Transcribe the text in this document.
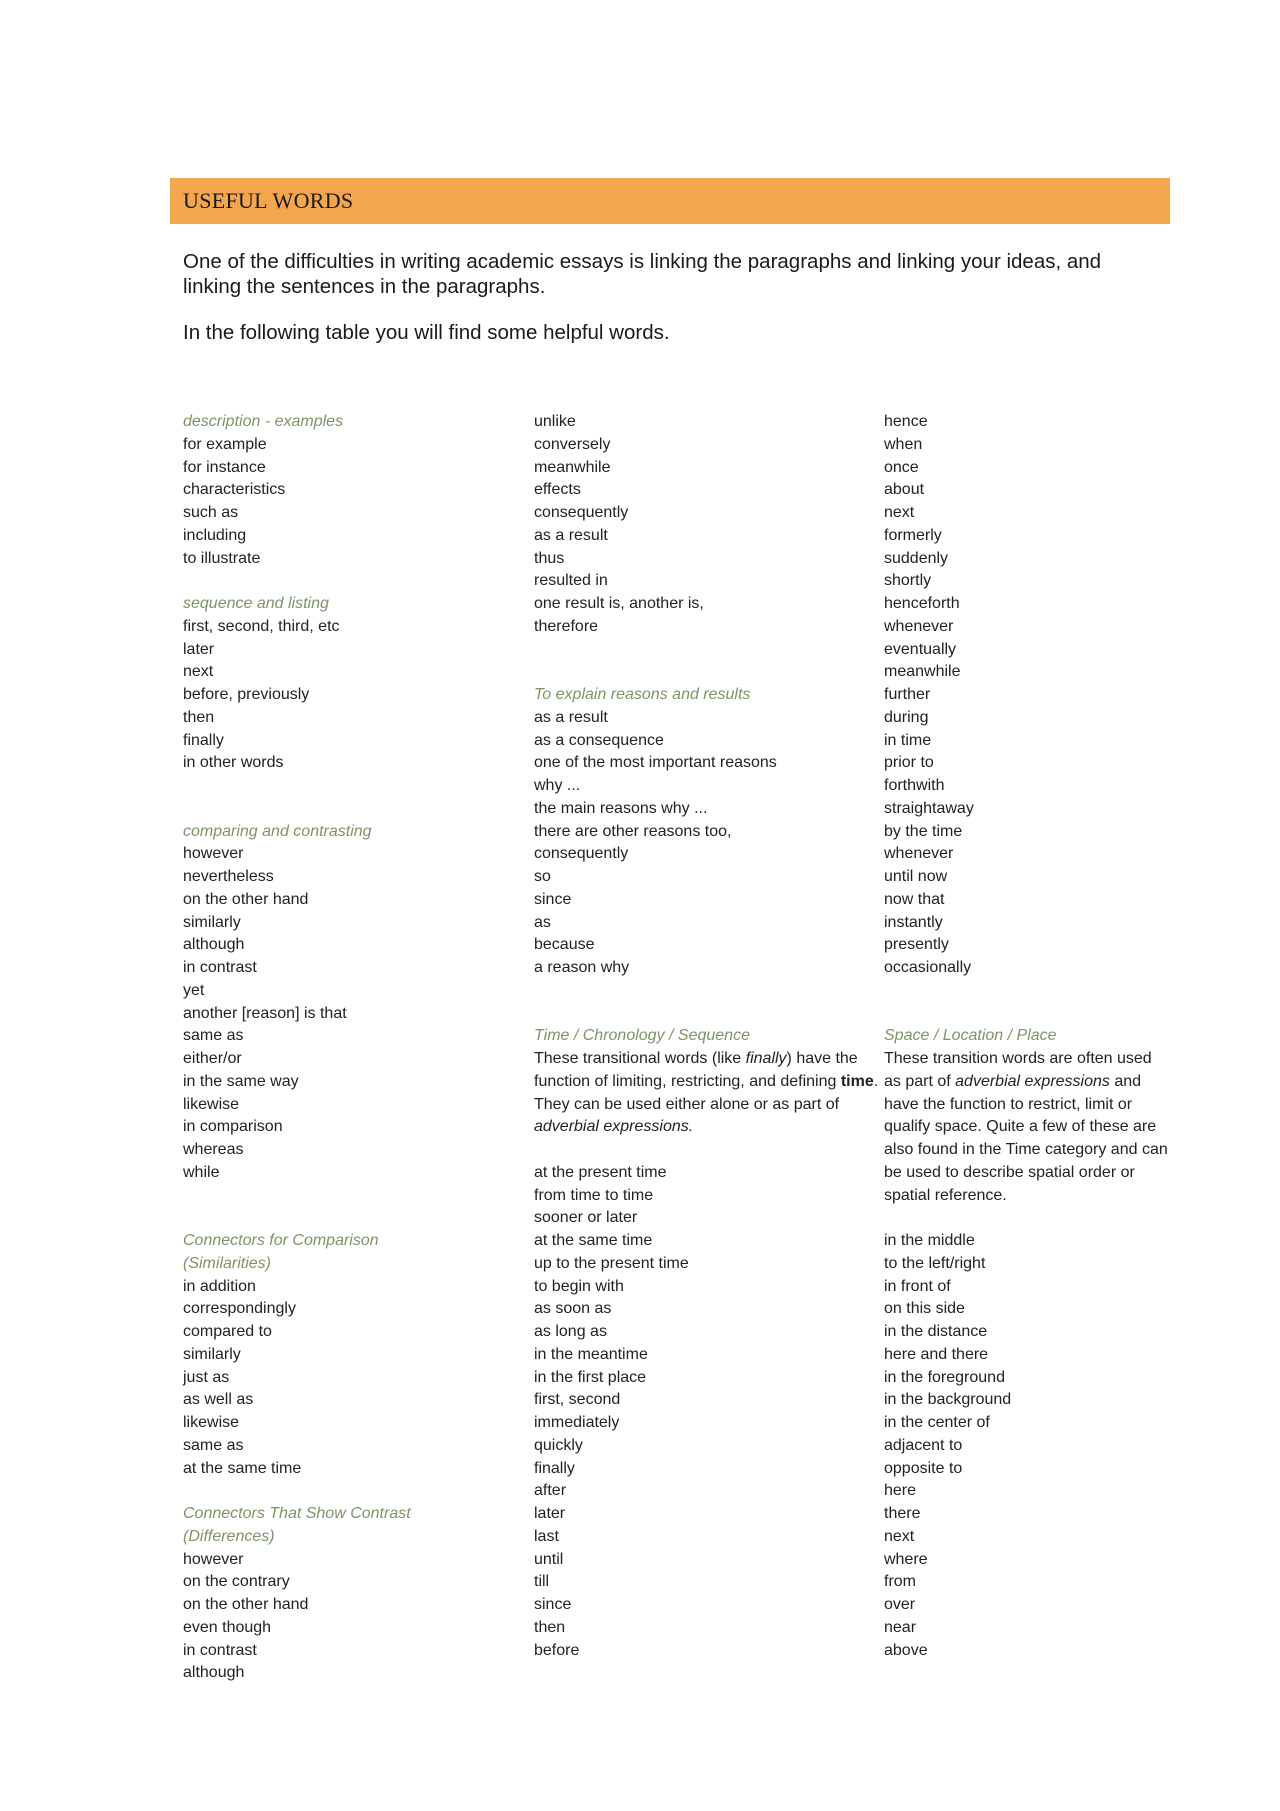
USEFUL WORDS

One of the difficulties in writing academic essays is linking the paragraphs and linking your ideas, and linking the sentences in the paragraphs.

In the following table you will find some helpful words.

description - examples
for example
for instance
characteristics
such as
including
to illustrate
sequence and listing
first, second, third, etc
later
next
before, previously
then
finally
in other words
comparing and contrasting
however
nevertheless
on the other hand
similarly
although
in contrast
yet
another [reason] is that
same as
either/or
in the same way
likewise
in comparison
whereas
while
Connectors for Comparison
(Similarities)
in addition
correspondingly
compared to
similarly
just as
as well as
likewise
same as
at the same time
Connectors That Show Contrast
(Differences)
however
on the contrary
on the other hand
even though
in contrast
although
unlike
conversely
meanwhile
effects
consequently
as a result
thus
resulted in
one result is, another is,
therefore
To explain reasons and results
as a result
as a consequence
one of the most important reasons
why ...
the main reasons why ...
there are other reasons too,
consequently
so
since
as
because
a reason why
Time / Chronology / Sequence
These transitional words (like finally) have the function of limiting, restricting, and defining time. They can be used either alone or as part of adverbial expressions.
at the present time
from time to time
sooner or later
at the same time
up to the present time
to begin with
as soon as
as long as
in the meantime
in the first place
first, second
immediately
quickly
finally
after
later
last
until
till
since
then
before
hence
when
once
about
next
formerly
suddenly
shortly
henceforth
whenever
eventually
meanwhile
further
during
in time
prior to
forthwith
straightaway
by the time
whenever
until now
now that
instantly
presently
occasionally
Space / Location / Place
These transition words are often used as part of adverbial expressions and have the function to restrict, limit or qualify space. Quite a few of these are also found in the Time category and can be used to describe spatial order or spatial reference.
in the middle
to the left/right
in front of
on this side
in the distance
here and there
in the foreground
in the background
in the center of
adjacent to
opposite to
here
there
next
where
from
over
near
above
